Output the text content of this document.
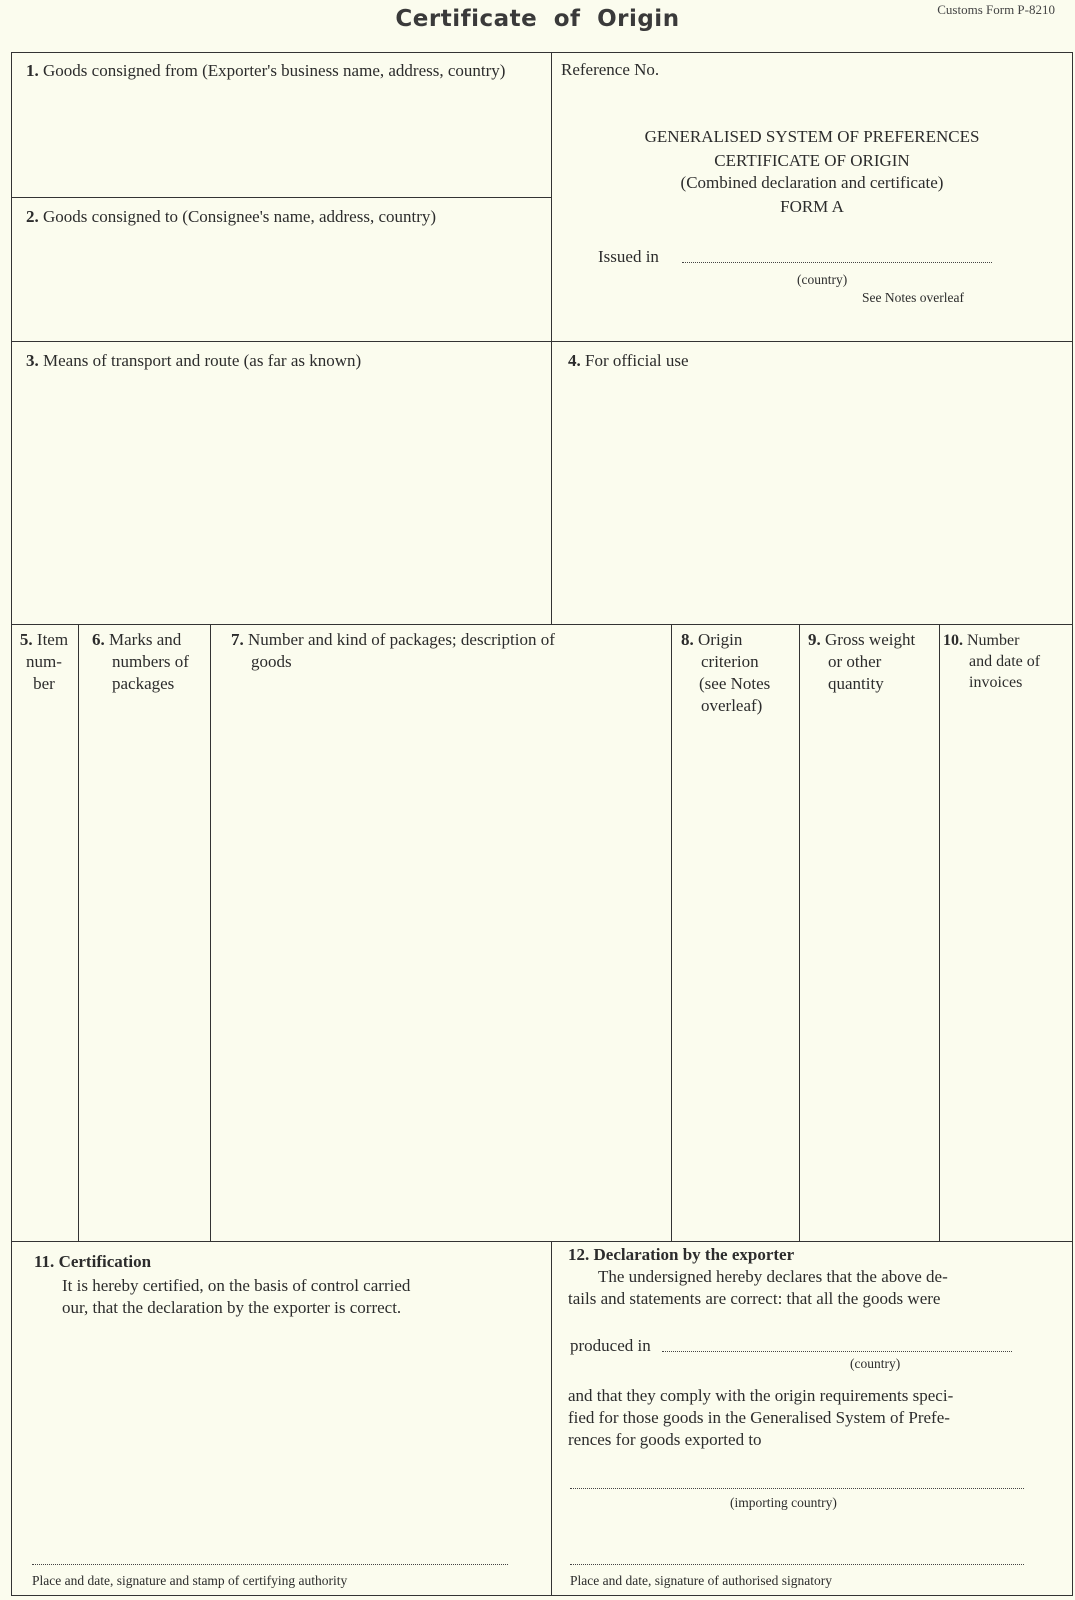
Certificate of Origin	Customs Form P-8210
1. Goods consigned from (Exporter's business name, address, country)
2. Goods consigned to (Consignee's name, address, country)
Reference No.
GENERALISED SYSTEM OF PREFERENCES
CERTIFICATE OF ORIGIN
(Combined declaration and certificate)
FORM A
Issued in
(country)
See Notes overleaf
3. Means of transport and route (as far as known)	4. For official use
5. Item
num-
ber
6. Marks and
numbers of
packages
7. Number and kind of packages; description of
goods
8. Origin
criterion
(see Notes
overleaf)
9. Gross weight
or other
quantity
10. Number
and date of
invoices
11. Certification
It is hereby certified, on the basis of control carried
our, that the declaration by the exporter is correct.
Place and date, signature and stamp of certifying authority
12. Declaration by the exporter
The undersigned hereby declares that the above de-
tails and statements are correct: that all the goods were
produced in
(country)
and that they comply with the origin requirements speci-
fied for those goods in the Generalised System of Prefe-
rences for goods exported to
(importing country)
Place and date, signature of authorised signatory
